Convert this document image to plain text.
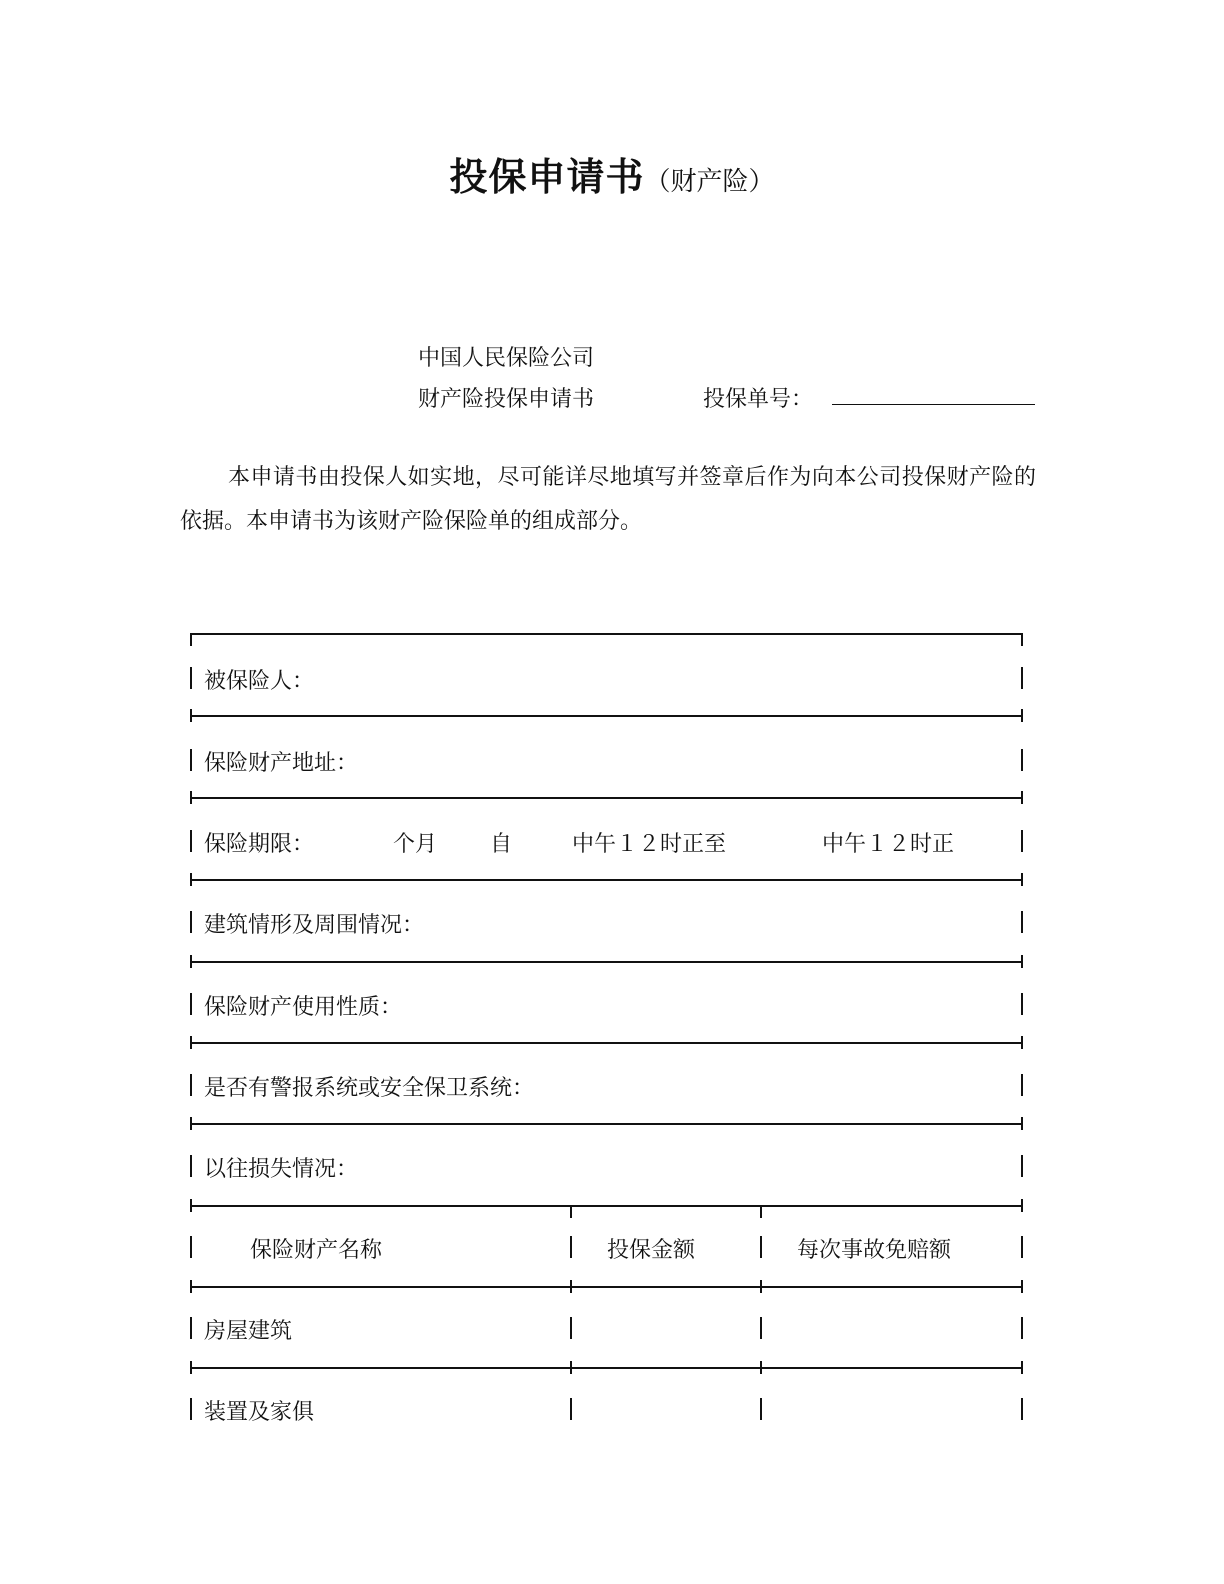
投保申请书（财产险）
中国人民保险公司
财产险投保申请书	投保单号：
本申请书由投保人如实地，尽可能详尽地填写并签章后作为向本公司投保财产险的依据。本申请书为该财产险保险单的组成部分。
被保险人：
保险财产地址：
保险期限：	个月 自	中午１２时正至	中午１２时正
建筑情形及周围情况：
保险财产使用性质：
是否有警报系统或安全保卫系统：
以往损失情况：
保险财产名称	投保金额	每次事故免赔额
房屋建筑
装置及家俱
